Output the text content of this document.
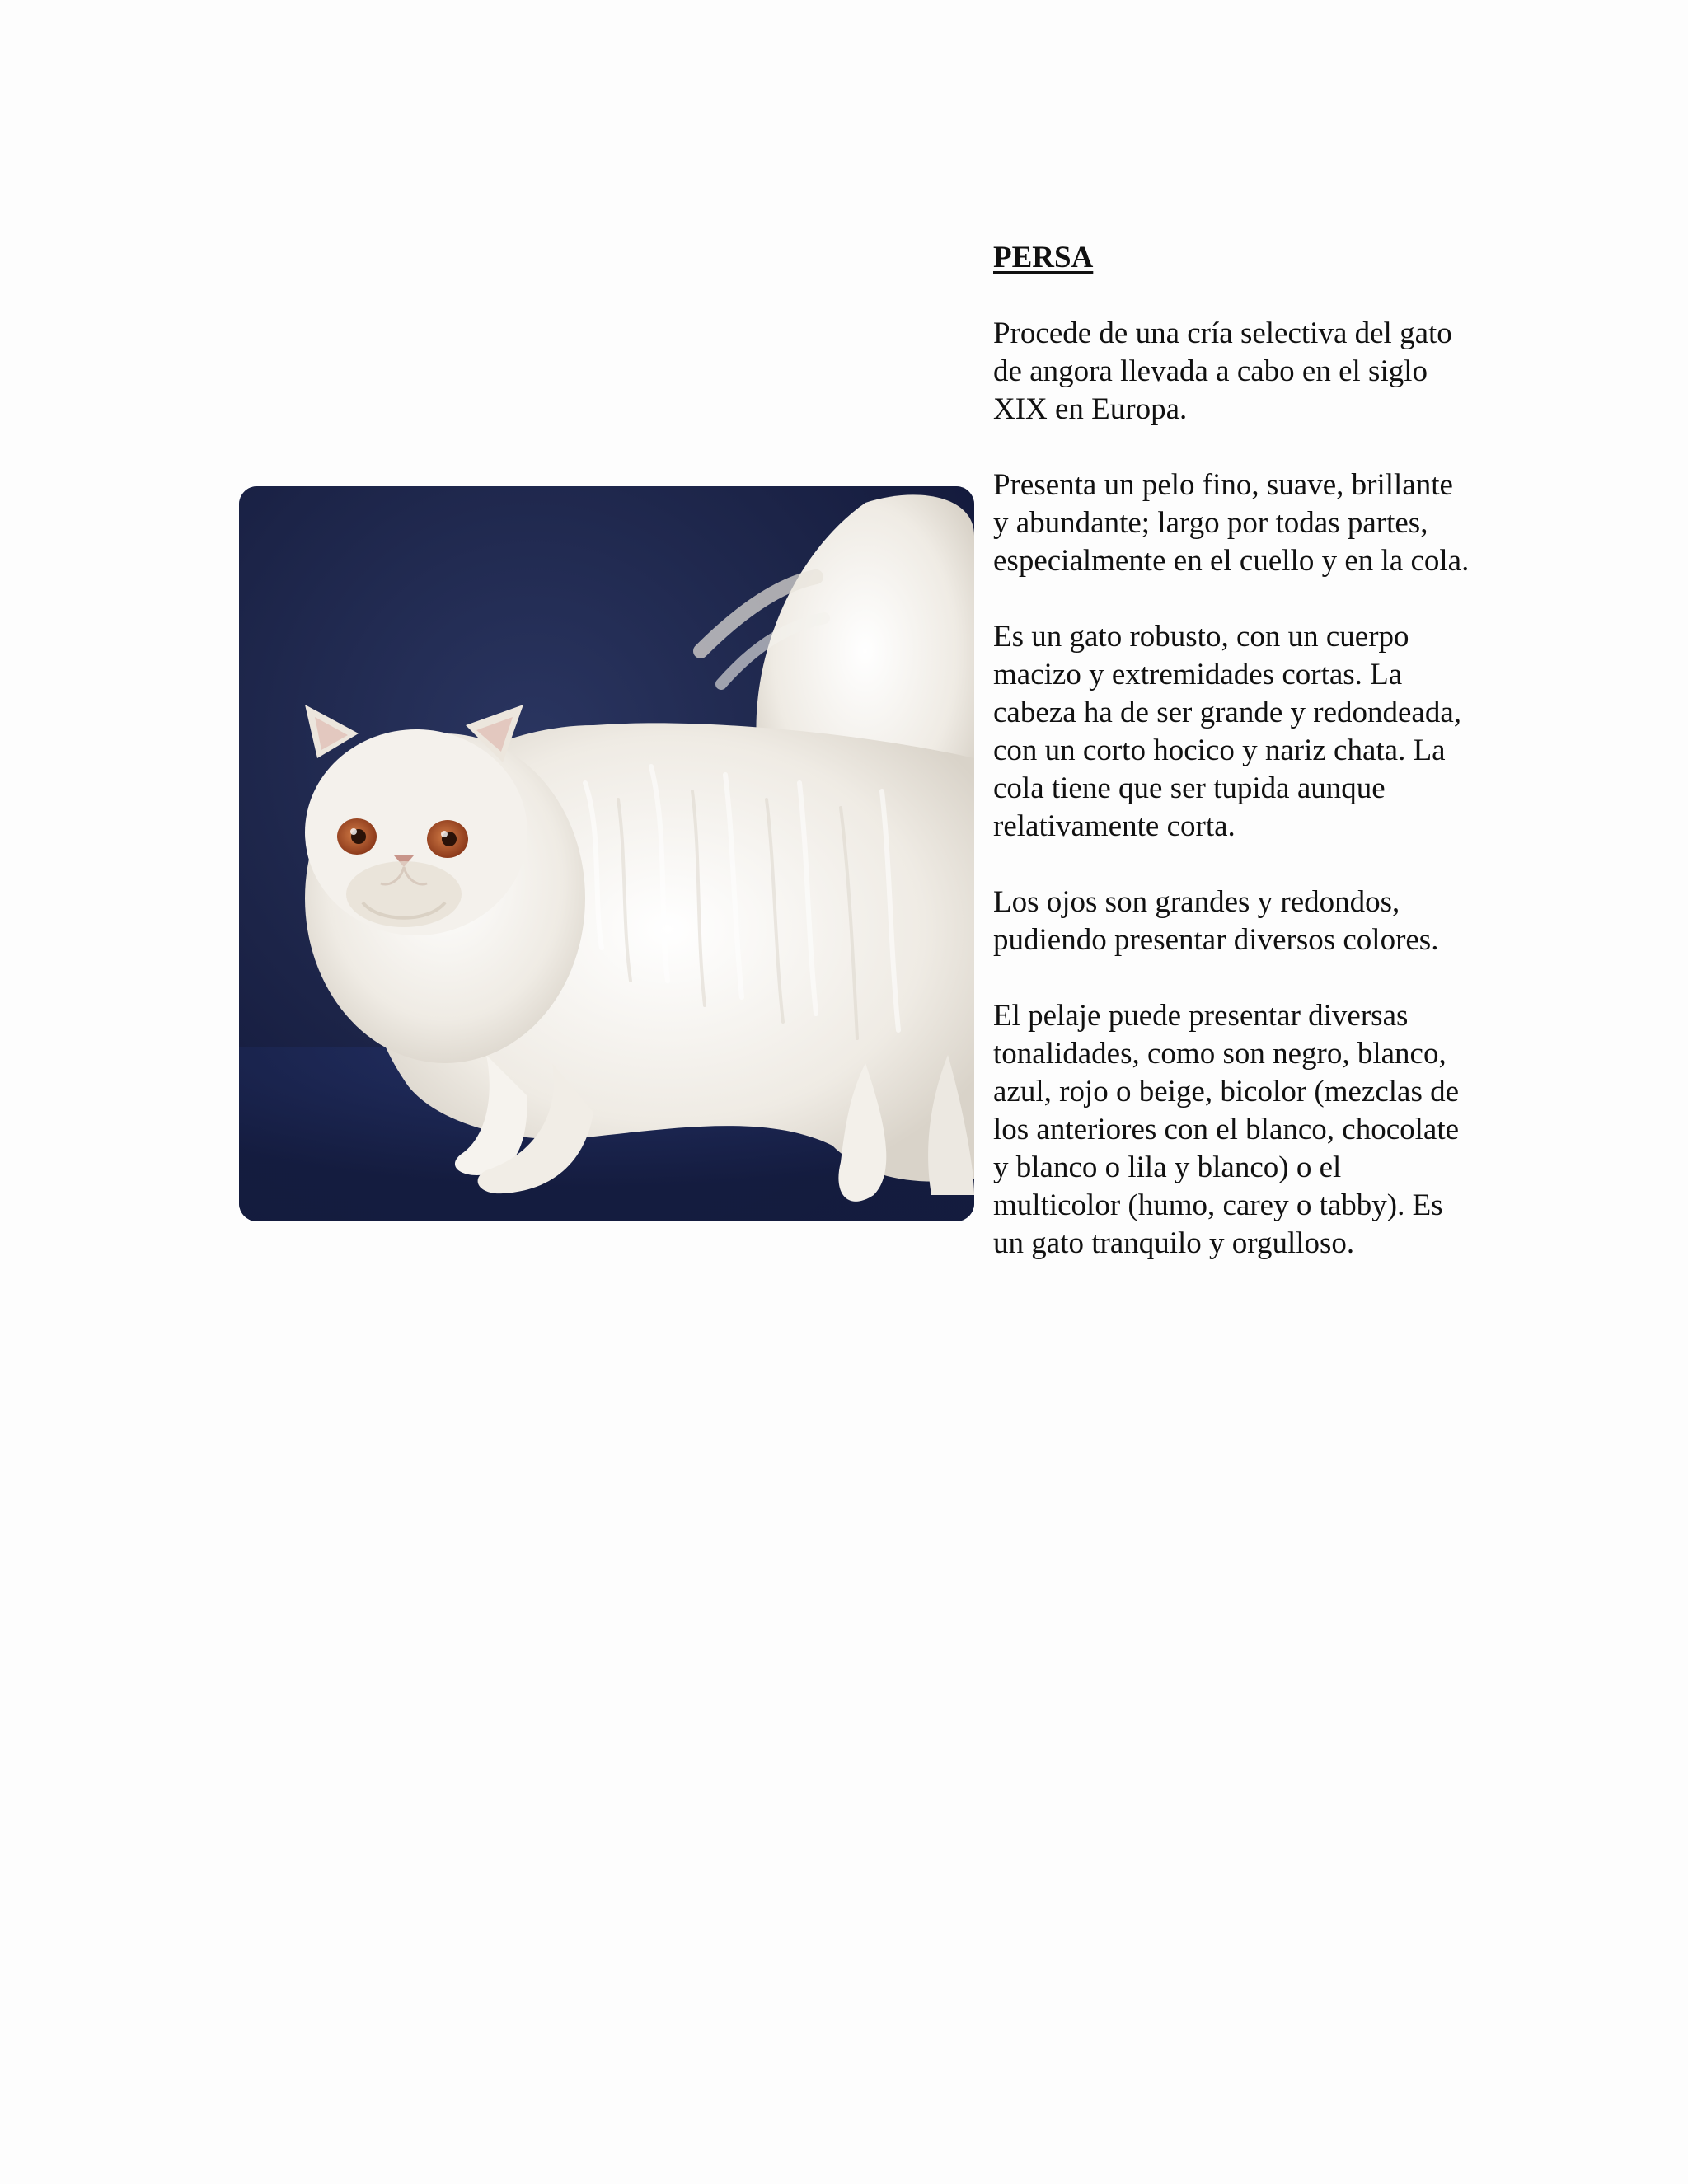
PERSA

Procede de una cría selectiva del gato de angora llevada a cabo en el siglo XIX en Europa.

Presenta un pelo fino, suave, brillante y abundante; largo por todas partes, especialmente en el cuello y en la cola.

Es un gato robusto, con un cuerpo macizo y extremidades cortas. La cabeza ha de ser grande y redondeada, con un corto hocico y nariz chata. La cola tiene que ser tupida aunque relativamente corta.

Los ojos son grandes y redondos, pudiendo presentar diversos colores.

El pelaje puede presentar diversas tonalidades, como son negro, blanco, azul, rojo o beige, bicolor (mezclas de los anteriores con el blanco, chocolate y blanco o lila y blanco) o el multicolor (humo, carey o tabby). Es un gato tranquilo y orgulloso.
